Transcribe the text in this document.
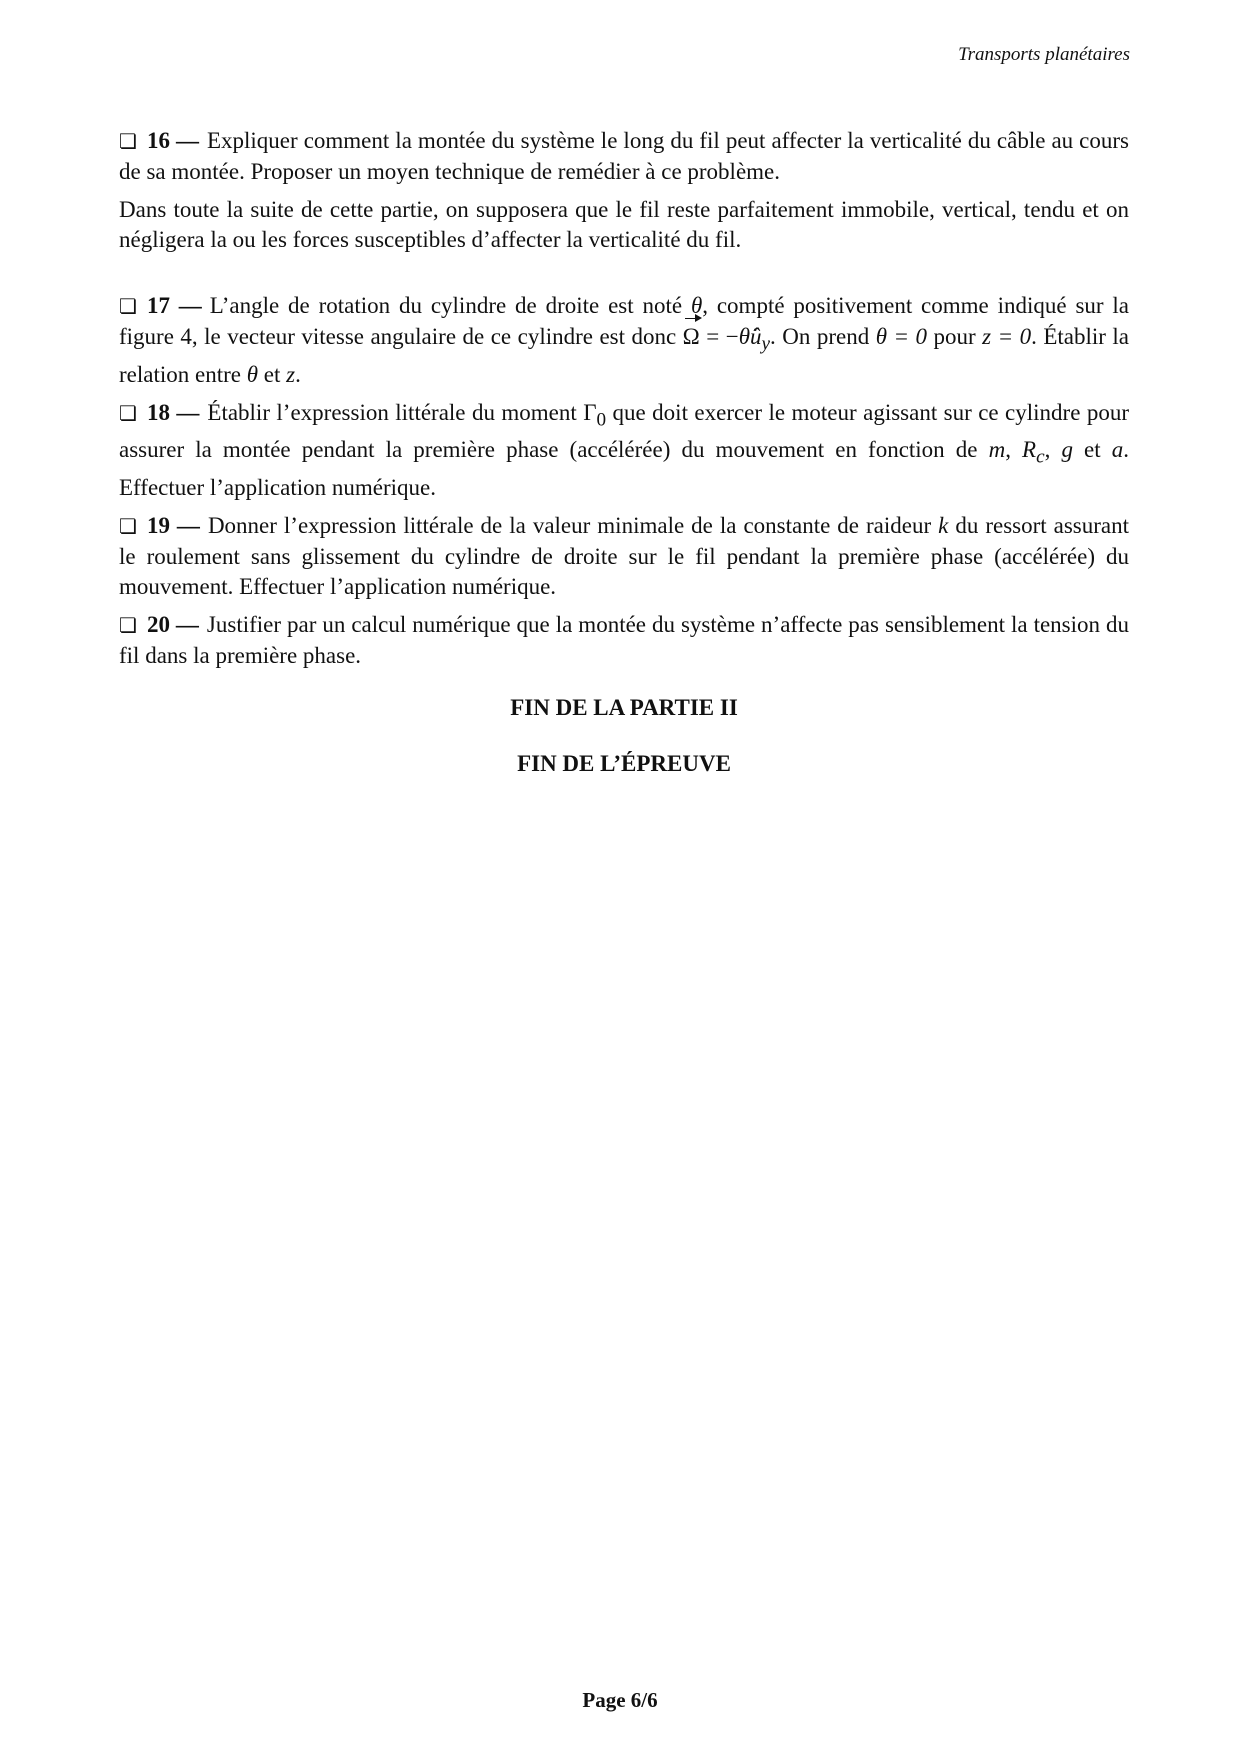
Transports planétaires

❏ 16 — Expliquer comment la montée du système le long du fil peut affecter la verticalité du câble au cours de sa montée. Proposer un moyen technique de remédier à ce problème.

Dans toute la suite de cette partie, on supposera que le fil reste parfaitement immobile, vertical, tendu et on négligera la ou les forces susceptibles d’affecter la verticalité du fil.

❏ 17 — L’angle de rotation du cylindre de droite est noté θ, compté positivement comme indiqué sur la figure 4, le vecteur vitesse angulaire de ce cylindre est donc $\Omega = -\thetȧû_y$. On prend θ = 0 pour z = 0. Établir la relation entre θ et z.

❏ 18 — Établir l’expression littérale du moment $\Gamma_0$ que doit exercer le moteur agissant sur ce cylindre pour assurer la montée pendant la première phase (accélérée) du mouvement en fonction de m, $R_c$, g et a. Effectuer l’application numérique.

❏ 19 — Donner l’expression littérale de la valeur minimale de la constante de raideur k du ressort assurant le roulement sans glissement du cylindre de droite sur le fil pendant la première phase (accélérée) du mouvement. Effectuer l’application numérique.

❏ 20 — Justifier par un calcul numérique que la montée du système n’affecte pas sensiblement la tension du fil dans la première phase.

FIN DE LA PARTIE II

FIN DE L’ÉPREUVE

Page 6/6
